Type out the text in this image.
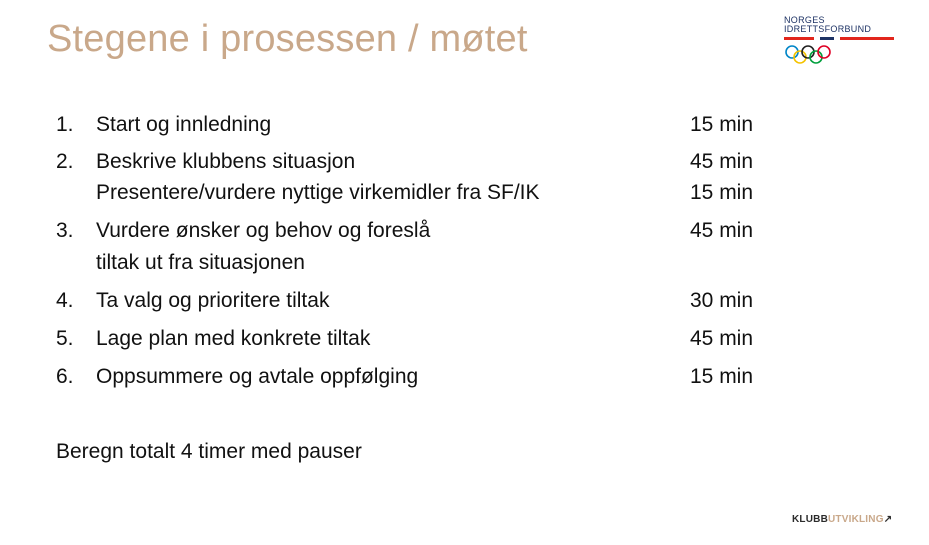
Stegene i prosessen / møtet	NORGES
IDRETTSFORBUND
1. Start og innledning	15 min
2. Beskrive klubbens situasjon	45 min
Presentere/vurdere nyttige virkemidler fra SF/IK	15 min
3. Vurdere ønsker og behov og foreslå	45 min
tiltak ut fra situasjonen
4. Ta valg og prioritere tiltak	30 min
5. Lage plan med konkrete tiltak	45 min
6. Oppsummere og avtale oppfølging	15 min
Beregn totalt 4 timer med pauser
KLUBBUTVIKLING↗
